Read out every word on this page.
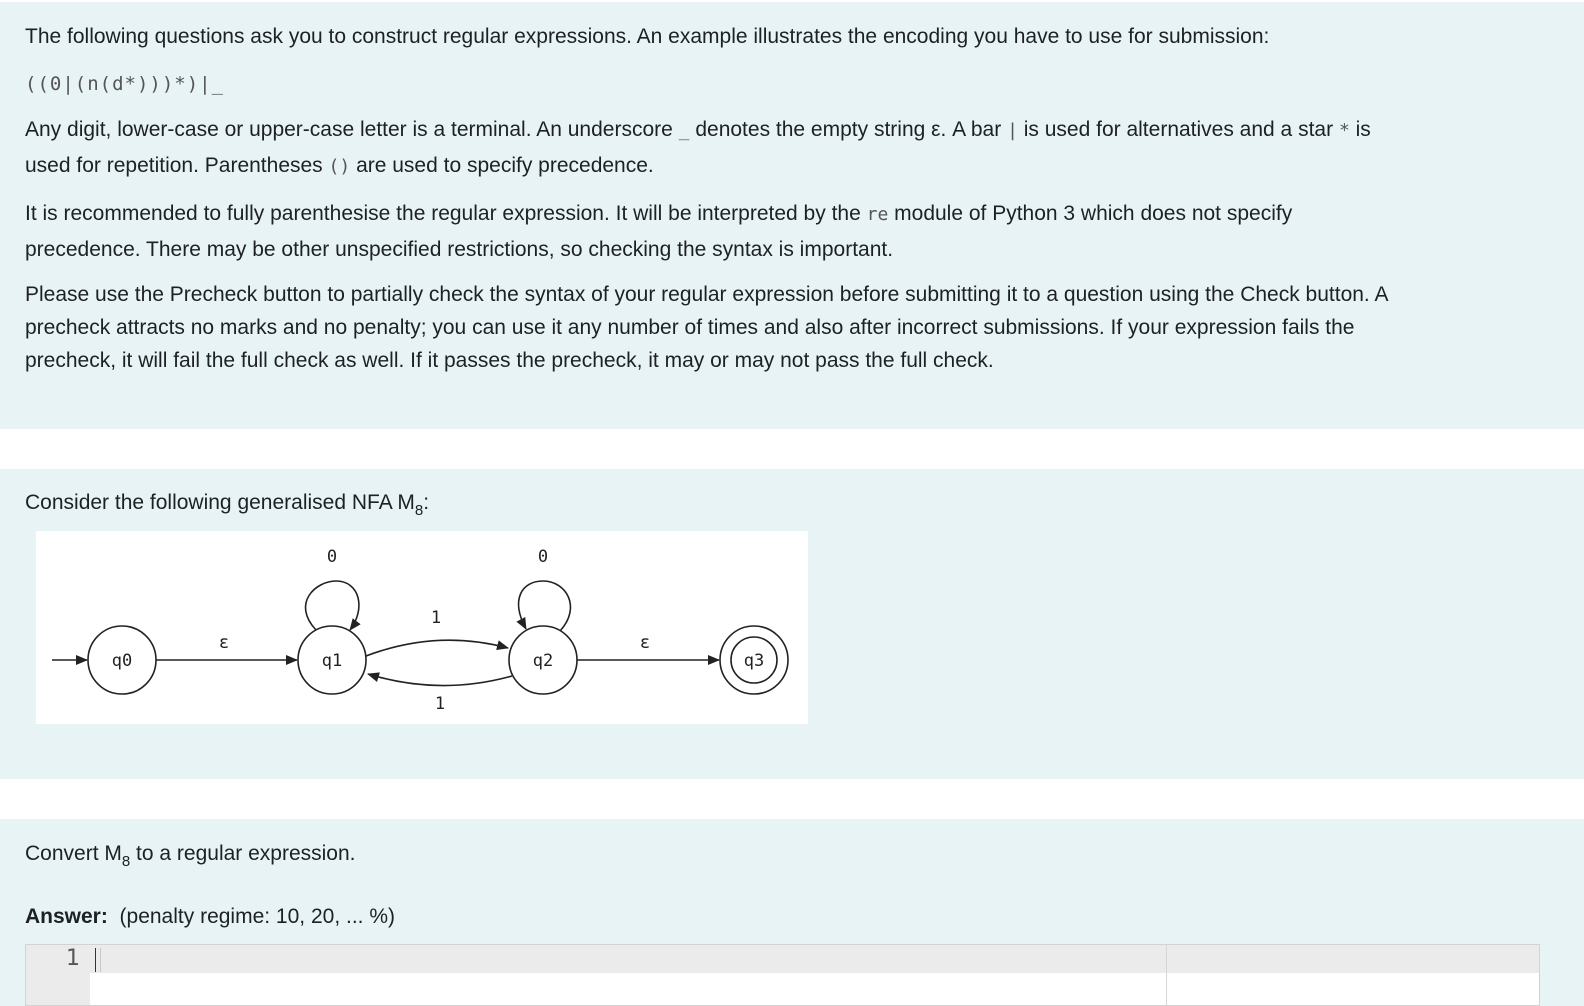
The following questions ask you to construct regular expressions. An example illustrates the encoding you have to use for submission:
((0|(n(d*)))*)|_
Any digit, lower-case or upper-case letter is a terminal. An underscore _ denotes the empty string ε. A bar | is used for alternatives and a star * is
used for repetition. Parentheses () are used to specify precedence.
It is recommended to fully parenthesise the regular expression. It will be interpreted by the re module of Python 3 which does not specify
precedence. There may be other unspecified restrictions, so checking the syntax is important.
Please use the Precheck button to partially check the syntax of your regular expression before submitting it to a question using the Check button. A
precheck attracts no marks and no penalty; you can use it any number of times and also after incorrect submissions. If your expression fails the
precheck, it will fail the full check as well. If it passes the precheck, it may or may not pass the full check.
Consider the following generalised NFA $M_8$:
q0	q1	q2	q3
ε
0
1
1
0
ε
Convert $M_8$ to a regular expression.
Answer: (penalty regime: 10, 20, ... %)
1
